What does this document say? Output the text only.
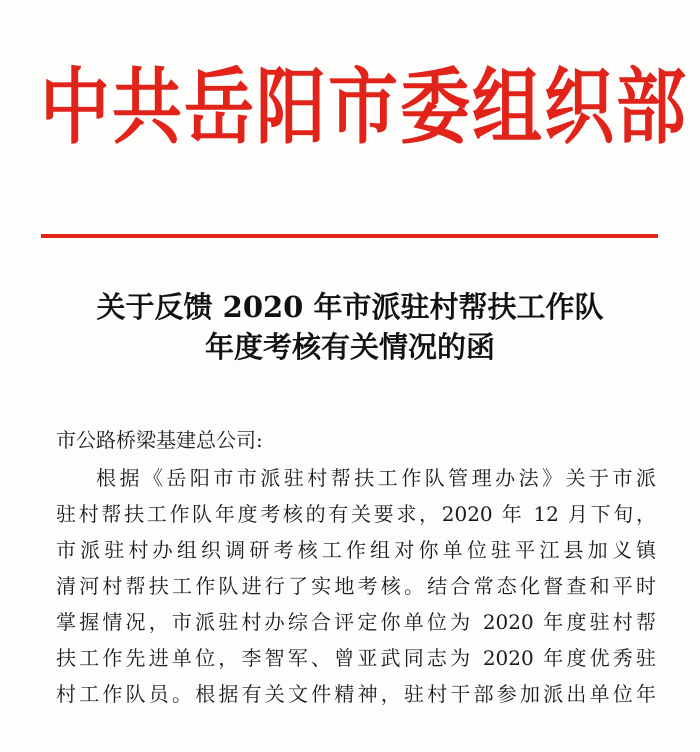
中共岳阳市委组织部
关于反馈 2020 年市派驻村帮扶工作队
年度考核有关情况的函

市公路桥梁基建总公司:

根据《岳阳市市派驻村帮扶工作队管理办法》关于市派

驻村帮扶工作队年度考核的有关要求，2020 年 12 月下旬，

市派驻村办组织调研考核工作组对你单位驻平江县加义镇

清河村帮扶工作队进行了实地考核。结合常态化督查和平时

掌握情况，市派驻村办综合评定你单位为 2020 年度驻村帮

扶工作先进单位，李智军、曾亚武同志为 2020 年度优秀驻

村工作队员。根据有关文件精神，驻村干部参加派出单位年
